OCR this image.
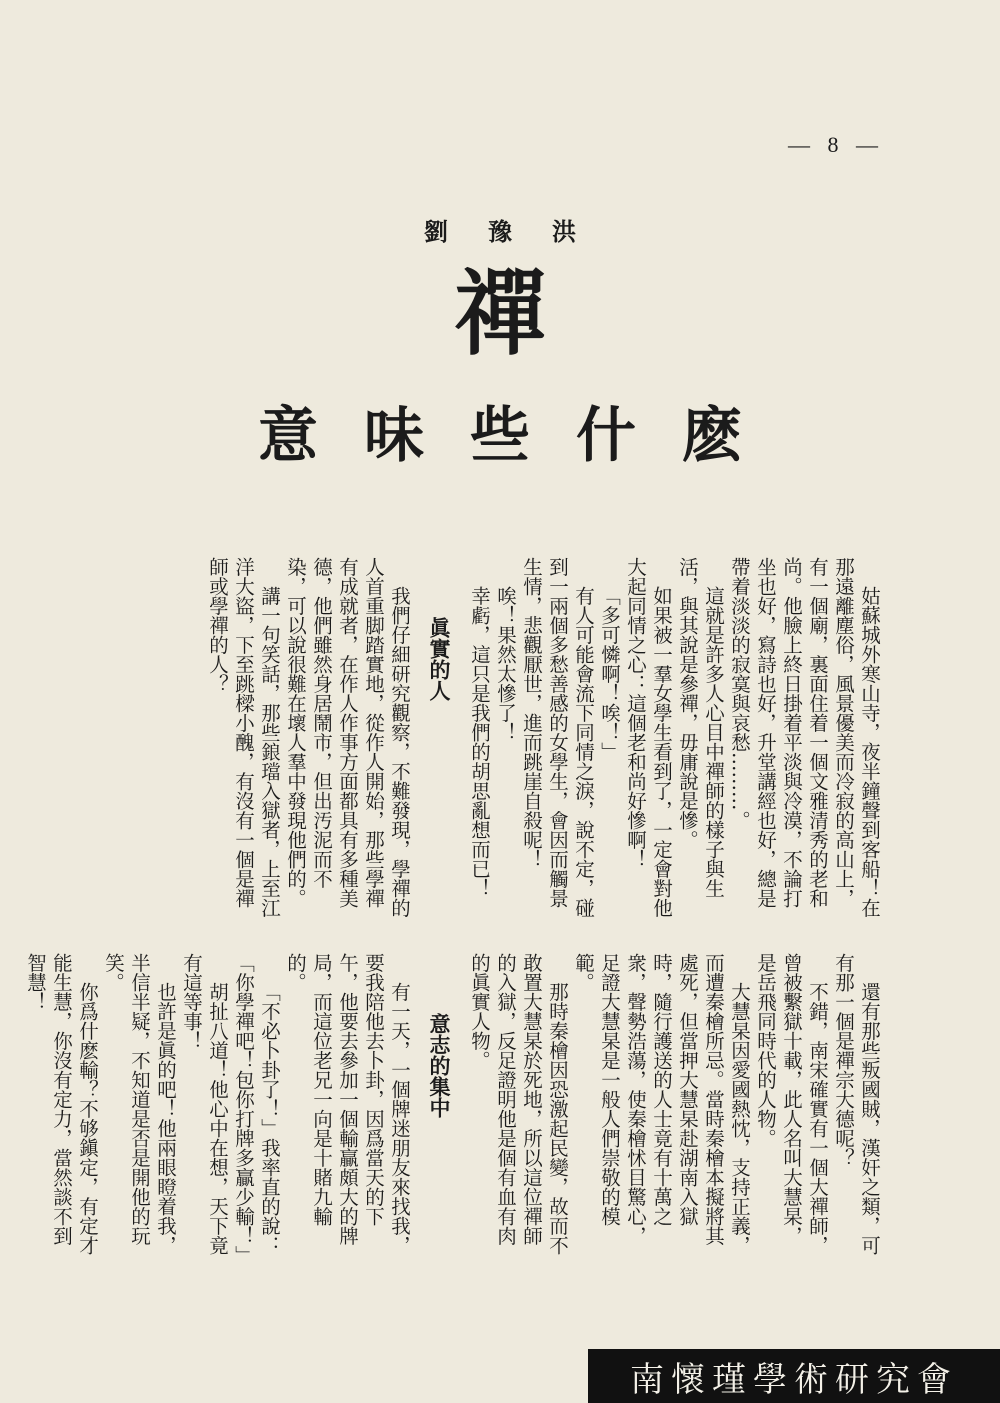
— 8 —
劉豫洪
禪
意味些什麽

姑蘇城外寒山寺，夜半鐘聲到客船！在那遠離塵俗，風景優美而冷寂的高山上，有一個廟，裏面住着一個文雅清秀的老和尚。他臉上終日掛着平淡與冷漠，不論打坐也好，寫詩也好，升堂講經也好，總是帶着淡淡的寂寞與哀愁………。

這就是許多人心目中禪師的樣子與生活，與其說是參禪，毋庸說是慘。

如果被一羣女學生看到了，一定會對他大起同情之心：這個老和尚好慘啊！

「多可憐啊！唉！」

有人可能會流下同情之淚，說不定，碰到一兩個多愁善感的女學生，會因而觸景生情，悲觀厭世，進而跳崖自殺呢！

唉！果然太慘了！

幸虧，這只是我們的胡思亂想而已！

眞實的人

我們仔細研究觀察，不難發現，學禪的人首重脚踏實地，從作人開始，那些學禪有成就者，在作人作事方面都具有多種美德，他們雖然身居鬧市，但出汚泥而不染，可以說很難在壞人羣中發現他們的。

講一句笑話，那些鋃璫入獄者，上至江洋大盜，下至跳樑小醜，有沒有一個是禪師或學禪的人？

還有那些叛國賊，漢奸之類，可有那一個是禪宗大德呢？

不錯，南宋確實有一個大禪師，曾被繫獄十載，此人名叫大慧杲，是岳飛同時代的人物。

大慧杲因愛國熱忱，支持正義，而遭秦檜所忌。當時秦檜本擬將其處死，但當押大慧杲赴湖南入獄時，隨行護送的人士竟有十萬之衆，聲勢浩蕩，使秦檜怵目驚心，足證大慧杲是一般人們崇敬的模範。

那時秦檜因恐激起民變，故而不敢置大慧杲於死地，所以這位禪師的入獄，反足證明他是個有血有肉的眞實人物。

意志的集中

有一天，一個牌迷朋友來找我，要我陪他去卜卦，因爲當天的下午，他要去參加一個輸贏頗大的牌局，而這位老兄一向是十賭九輸的。

「不必卜卦了！」我率直的說：「你學禪吧！包你打牌多贏少輸！」

胡扯八道！他心中在想，天下竟有這等事！

也許是眞的吧！他兩眼瞪着我，半信半疑，不知道是否是開他的玩笑。

你爲什麽輸？不够鎭定，有定才能生慧，你沒有定力，當然談不到智慧！

南懷瑾學術研究會
